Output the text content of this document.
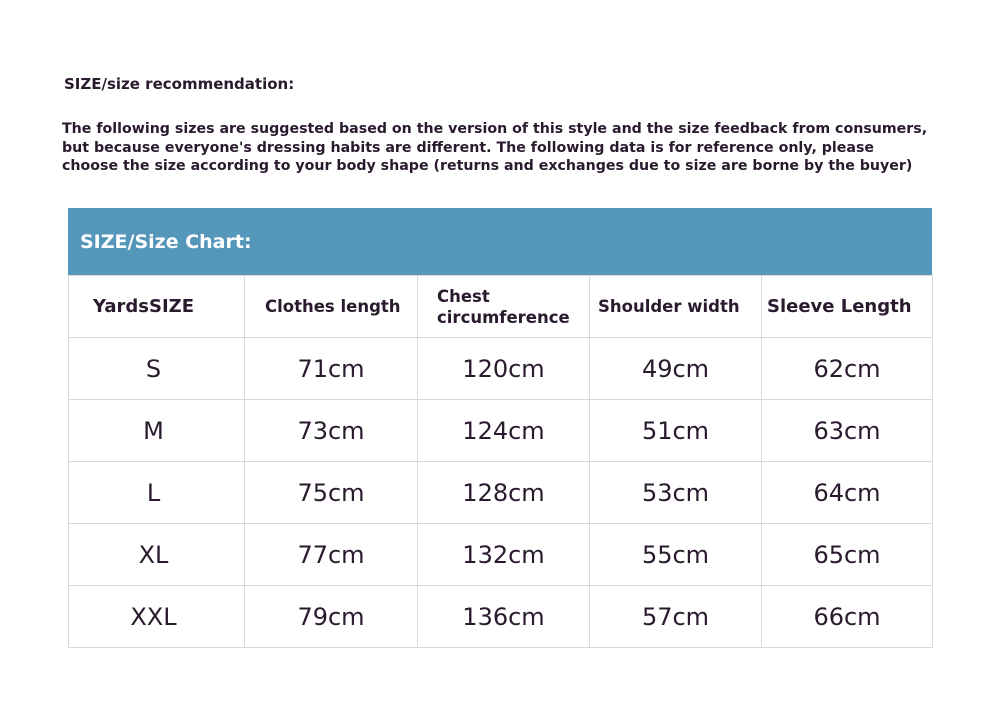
SIZE/size recommendation:
The following sizes are suggested based on the version of this style and the size feedback from consumers,
but because everyone's dressing habits are different. The following data is for reference only, please
choose the size according to your body shape (returns and exchanges due to size are borne by the buyer)
SIZE/Size Chart:
YardsSIZE	Clothes length	Chest circumference	Shoulder width	Sleeve Length
S	71cm	120cm	49cm	62cm
M	73cm	124cm	51cm	63cm
L	75cm	128cm	53cm	64cm
XL	77cm	132cm	55cm	65cm
XXL	79cm	136cm	57cm	66cm
